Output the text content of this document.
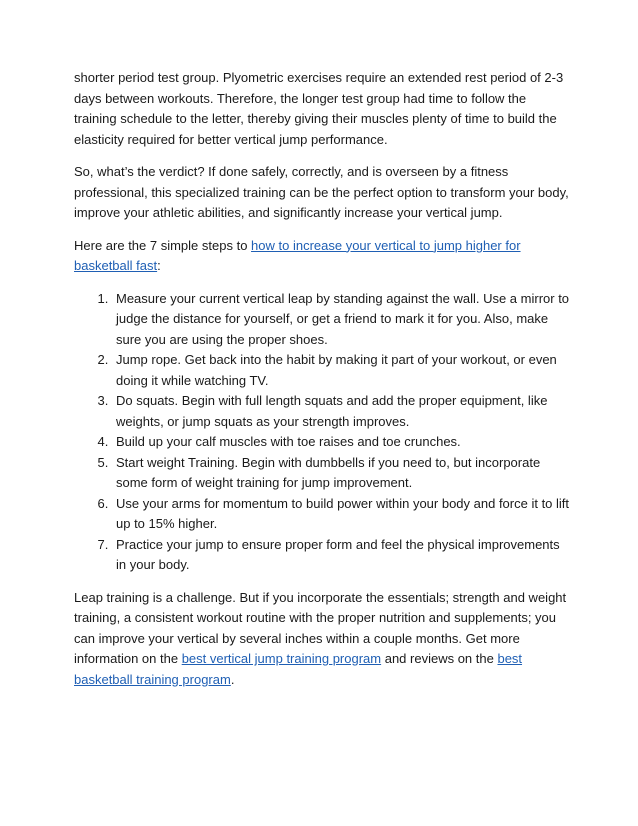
shorter period test group. Plyometric exercises require an extended rest period of 2-3 days between workouts. Therefore, the longer test group had time to follow the training schedule to the letter, thereby giving their muscles plenty of time to build the elasticity required for better vertical jump performance.

So, what’s the verdict? If done safely, correctly, and is overseen by a fitness professional, this specialized training can be the perfect option to transform your body, improve your athletic abilities, and significantly increase your vertical jump.

Here are the 7 simple steps to how to increase your vertical to jump higher for basketball fast:

1. Measure your current vertical leap by standing against the wall. Use a mirror to judge the distance for yourself, or get a friend to mark it for you. Also, make sure you are using the proper shoes.
2. Jump rope. Get back into the habit by making it part of your workout, or even doing it while watching TV.
3. Do squats. Begin with full length squats and add the proper equipment, like weights, or jump squats as your strength improves.
4. Build up your calf muscles with toe raises and toe crunches.
5. Start weight Training. Begin with dumbbells if you need to, but incorporate some form of weight training for jump improvement.
6. Use your arms for momentum to build power within your body and force it to lift up to 15% higher.
7. Practice your jump to ensure proper form and feel the physical improvements in your body.

Leap training is a challenge. But if you incorporate the essentials; strength and weight training, a consistent workout routine with the proper nutrition and supplements; you can improve your vertical by several inches within a couple months. Get more information on the best vertical jump training program and reviews on the best basketball training program.
